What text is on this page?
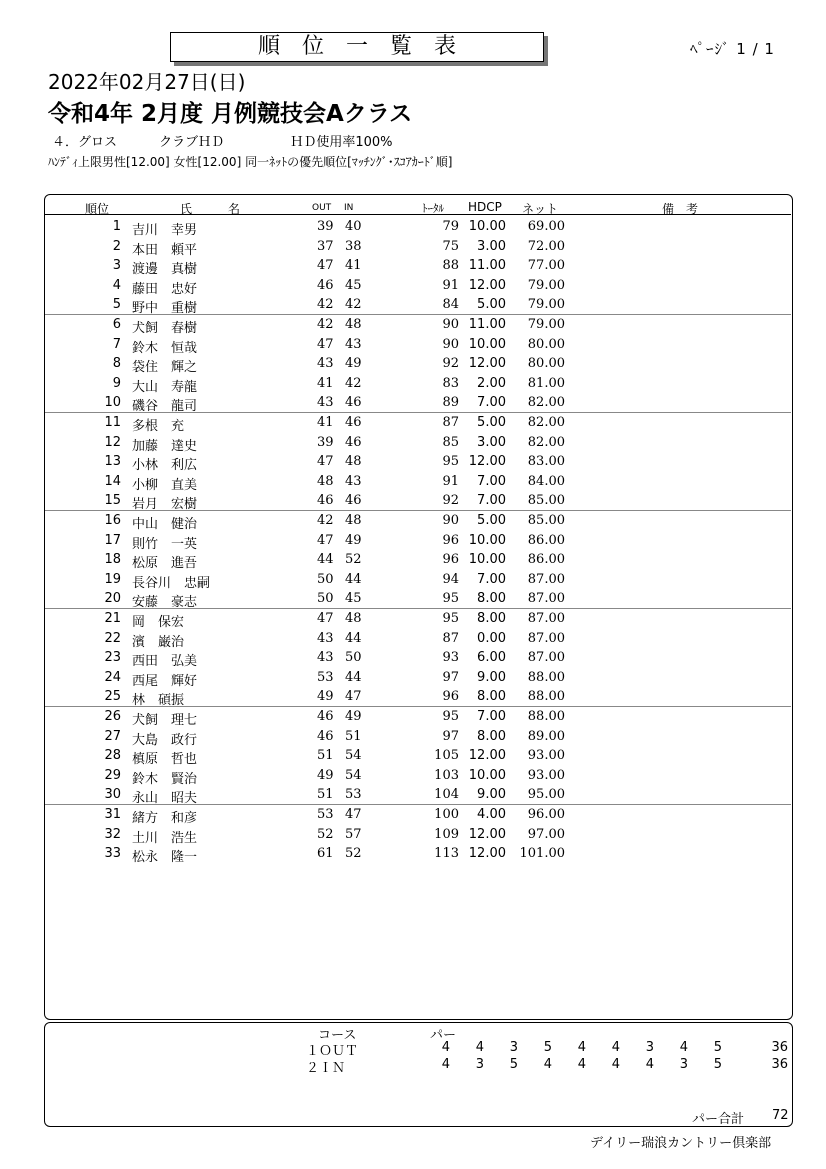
順　位　一　覧　表	ﾍﾟｰｼﾞ 1 / 1
2022年02月27日(日)
令和4年 2月度 月例競技会Aクラス
４．グロス	クラブＨＤ	ＨＤ使用率100%
ﾊﾝﾃﾞｨ上限男性[12.00] 女性[12.00] 同一ﾈｯﾄの優先順位[ﾏｯﾁﾝｸﾞ･ｽｺｱｶｰﾄﾞ順]
順位	氏　　　名	OUT IN	ﾄｰﾀﾙ HDCP ネット	備　考
1 吉川　幸男	39 40	79 10.00 69.00
2 本田　頼平	37 38	75 3.00 72.00
3 渡邊　真樹	47 41	88 11.00 77.00
4 藤田　忠好	46 45	91 12.00 79.00
5 野中　重樹	42 42	84 5.00 79.00
6 犬飼　春樹	42 48	90 11.00 79.00
7 鈴木　恒哉	47 43	90 10.00 80.00
8 袋住　輝之	43 49	92 12.00 80.00
9 大山　寿龍	41 42	83 2.00 81.00
10 磯谷　龍司	43 46	89 7.00 82.00
11 多根　充	41 46	87 5.00 82.00
12 加藤　達史	39 46	85 3.00 82.00
13 小林　利広	47 48	95 12.00 83.00
14 小柳　直美	48 43	91 7.00 84.00
15 岩月　宏樹	46 46	92 7.00 85.00
16 中山　健治	42 48	90 5.00 85.00
17 則竹　一英	47 49	96 10.00 86.00
18 松原　進吾	44 52	96 10.00 86.00
19 長谷川　忠嗣	50 44	94 7.00 87.00
20 安藤　豪志	50 45	95 8.00 87.00
21 岡　保宏	47 48	95 8.00 87.00
22 濱　巌治	43 44	87 0.00 87.00
23 西田　弘美	43 50	93 6.00 87.00
24 西尾　輝好	53 44	97 9.00 88.00
25 林　碩振	49 47	96 8.00 88.00
26 犬飼　理七	46 49	95 7.00 88.00
27 大島　政行	46 51	97 8.00 89.00
28 槙原　哲也	51 54	105 12.00 93.00
29 鈴木　賢治	49 54	103 10.00 93.00
30 永山　昭夫	51 53	104 9.00 95.00
31 緒方　和彦	53 47	100 4.00 96.00
32 土川　浩生	52 57	109 12.00 97.00
33 松永　隆一	61 52	113 12.00 101.00
コース	パー
１ＯＵＴ	4	4	3	5	4	4	3	4	5	36
２ＩＮ	4	3	5	4	4	4	4	3	5	36
パー合計 72
デイリー瑞浪カントリー倶楽部
